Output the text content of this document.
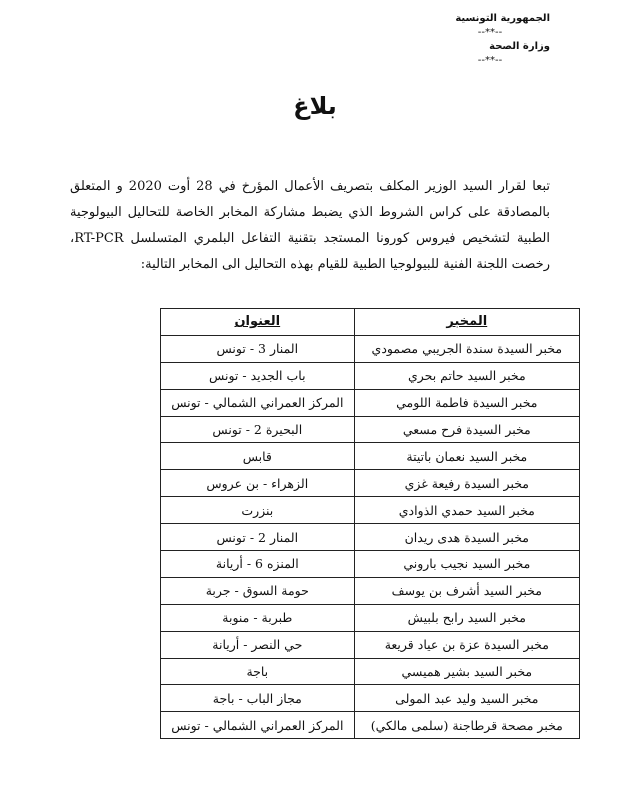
الجمهورية التونسية
--**--
وزارة الصحة
--**--
بلاغ
تبعا لقرار السيد الوزير المكلف بتصريف الأعمال المؤرخ في 28 أوت 2020 و المتعلق بالمصادقة على كراس الشروط الذي يضبط مشاركة المخابر الخاصة للتحاليل البيولوجية الطبية لتشخيص فيروس كورونا المستجد بتقنية التفاعل البلمري المتسلسل RT-PCR، رخصت اللجنة الفنية للبيولوجيا الطبية للقيام بهذه التحاليل الى المخابر التالية:
المخبر	العنوان
مخبر السيدة سندة الجريبي مصمودي	المنار 3 - تونس
مخبر السيد حاتم بحري	باب الجديد - تونس
مخبر السيدة فاطمة اللومي	المركز العمراني الشمالي - تونس
مخبر السيدة فرح مسعي	البحيرة 2 - تونس
مخبر السيد نعمان باتيتة	قابس
مخبر السيدة رفيعة غزي	الزهراء - بن عروس
مخبر السيد حمدي الذوادي	بنزرت
مخبر السيدة هدى ريدان	المنار 2 - تونس
مخبر السيد نجيب باروني	المنزه 6 - أريانة
مخبر السيد أشرف بن يوسف	حومة السوق - جربة
مخبر السيد رابح بلبيش	طبربة - منوبة
مخبر السيدة عزة بن عياد قريعة	حي النصر - أريانة
مخبر السيد بشير هميسي	باجة
مخبر السيد وليد عبد المولى	مجاز الباب - باجة
مخبر مصحة قرطاجنة (سلمى مالكي)	المركز العمراني الشمالي - تونس
